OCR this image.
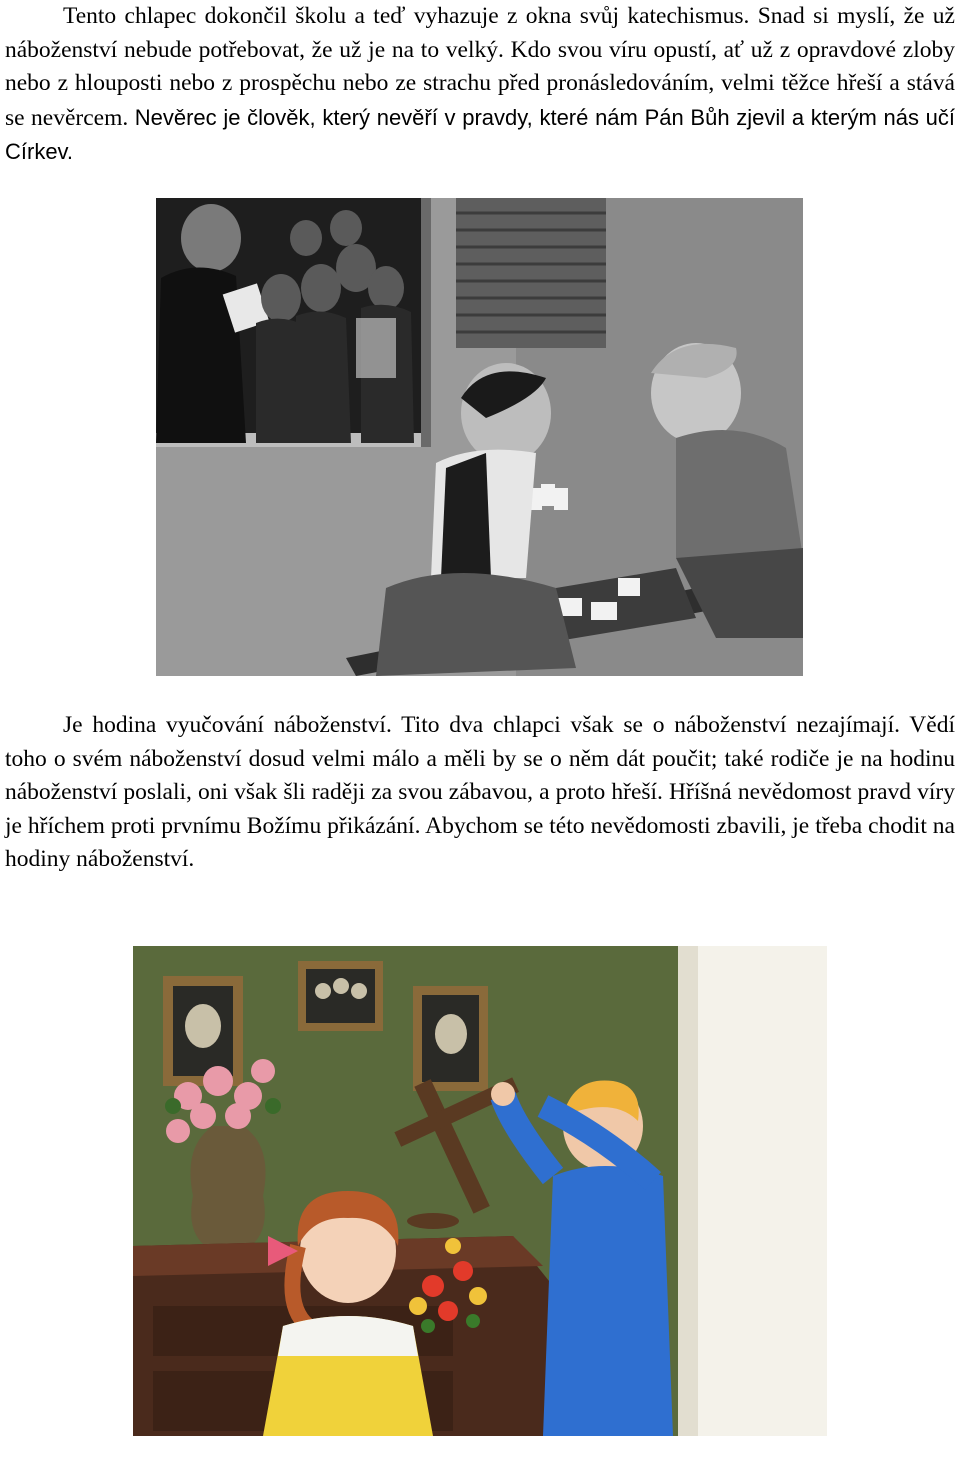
Tento chlapec dokončil školu a teď vyhazuje z okna svůj katechismus. Snad si myslí, že už náboženství nebude potřebovat, že už je na to velký. Kdo svou víru opustí, ať už z opravdové zloby nebo z hlouposti nebo z prospěchu nebo ze strachu před pronásledováním, velmi těžce hřeší a stává se nevěrcem. Nevěrec je člověk, který nevěří v pravdy, které nám Pán Bůh zjevil a kterým nás učí Církev.

Je hodina vyučování náboženství. Tito dva chlapci však se o náboženství nezajímají. Vědí toho o svém náboženství dosud velmi málo a měli by se o něm dát poučit; také rodiče je na hodinu náboženství poslali, oni však šli raději za svou zábavou, a proto hřeší. Hříšná nevědomost pravd víry je hříchem proti prvnímu Božímu přikázání. Abychom se této nevědomosti zbavili, je třeba chodit na hodiny náboženství.
